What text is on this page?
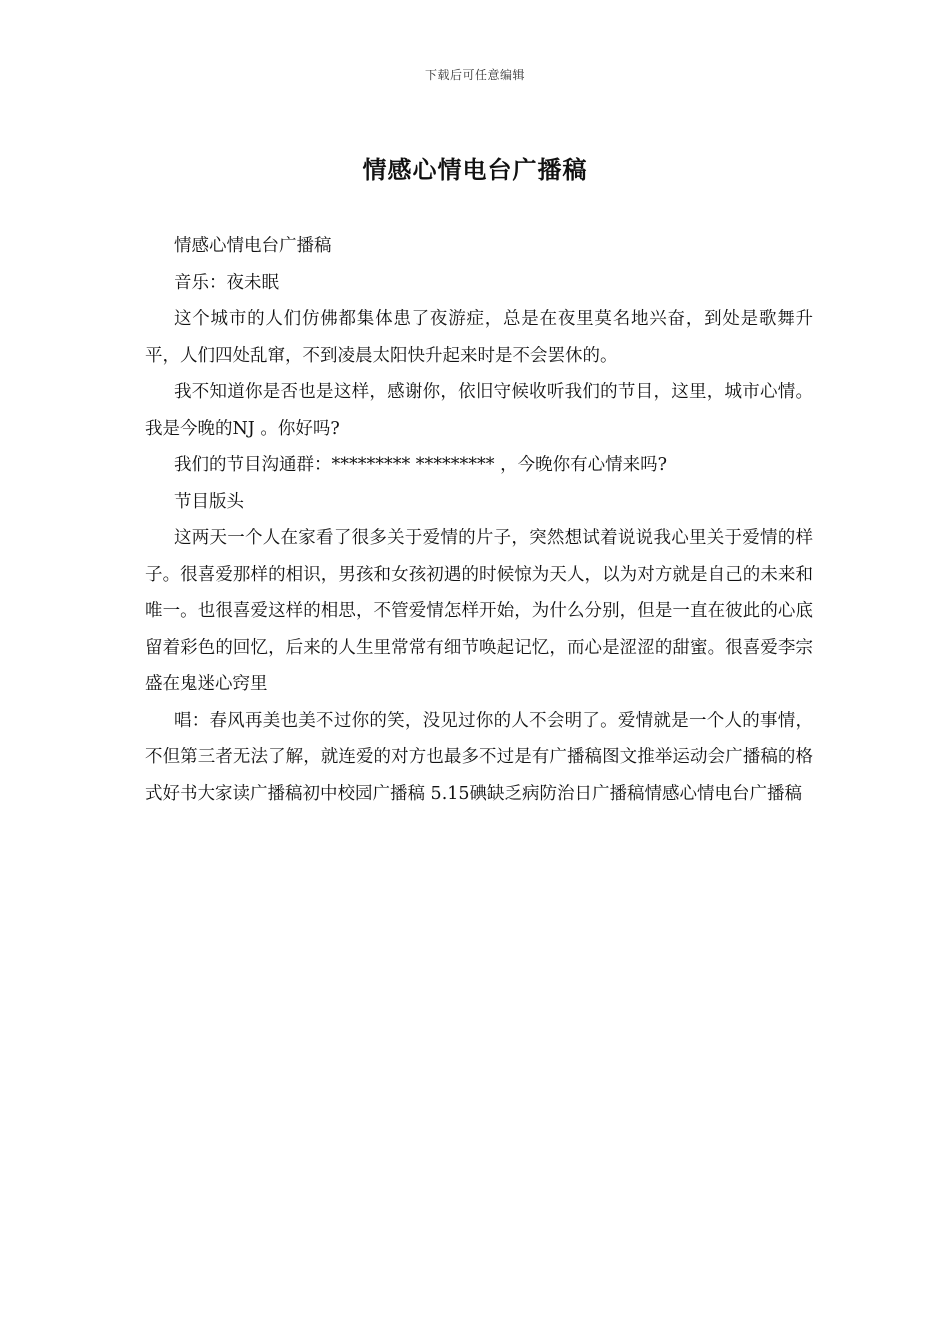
下载后可任意编辑
情感心情电台广播稿

情感心情电台广播稿

音乐：夜未眠

这个城市的人们仿佛都集体患了夜游症，总是在夜里莫名地兴奋，到处是歌舞升平，人们四处乱窜，不到凌晨太阳快升起来时是不会罢休的。

我不知道你是否也是这样，感谢你，依旧守候收听我们的节目，这里，城市心情。我是今晚的NJ 。你好吗?

我们的节目沟通群：********* ********* ，今晚你有心情来吗?

节目版头

这两天一个人在家看了很多关于爱情的片子，突然想试着说说我心里关于爱情的样子。很喜爱那样的相识，男孩和女孩初遇的时候惊为天人，以为对方就是自己的未来和唯一。也很喜爱这样的相思，不管爱情怎样开始，为什么分别，但是一直在彼此的心底留着彩色的回忆，后来的人生里常常有细节唤起记忆，而心是涩涩的甜蜜。很喜爱李宗盛在鬼迷心窍里

唱：春风再美也美不过你的笑，没见过你的人不会明了。爱情就是一个人的事情，不但第三者无法了解，就连爱的对方也最多不过是有广播稿图文推举运动会广播稿的格式好书大家读广播稿初中校园广播稿 5.15碘缺乏病防治日广播稿情感心情电台广播稿
